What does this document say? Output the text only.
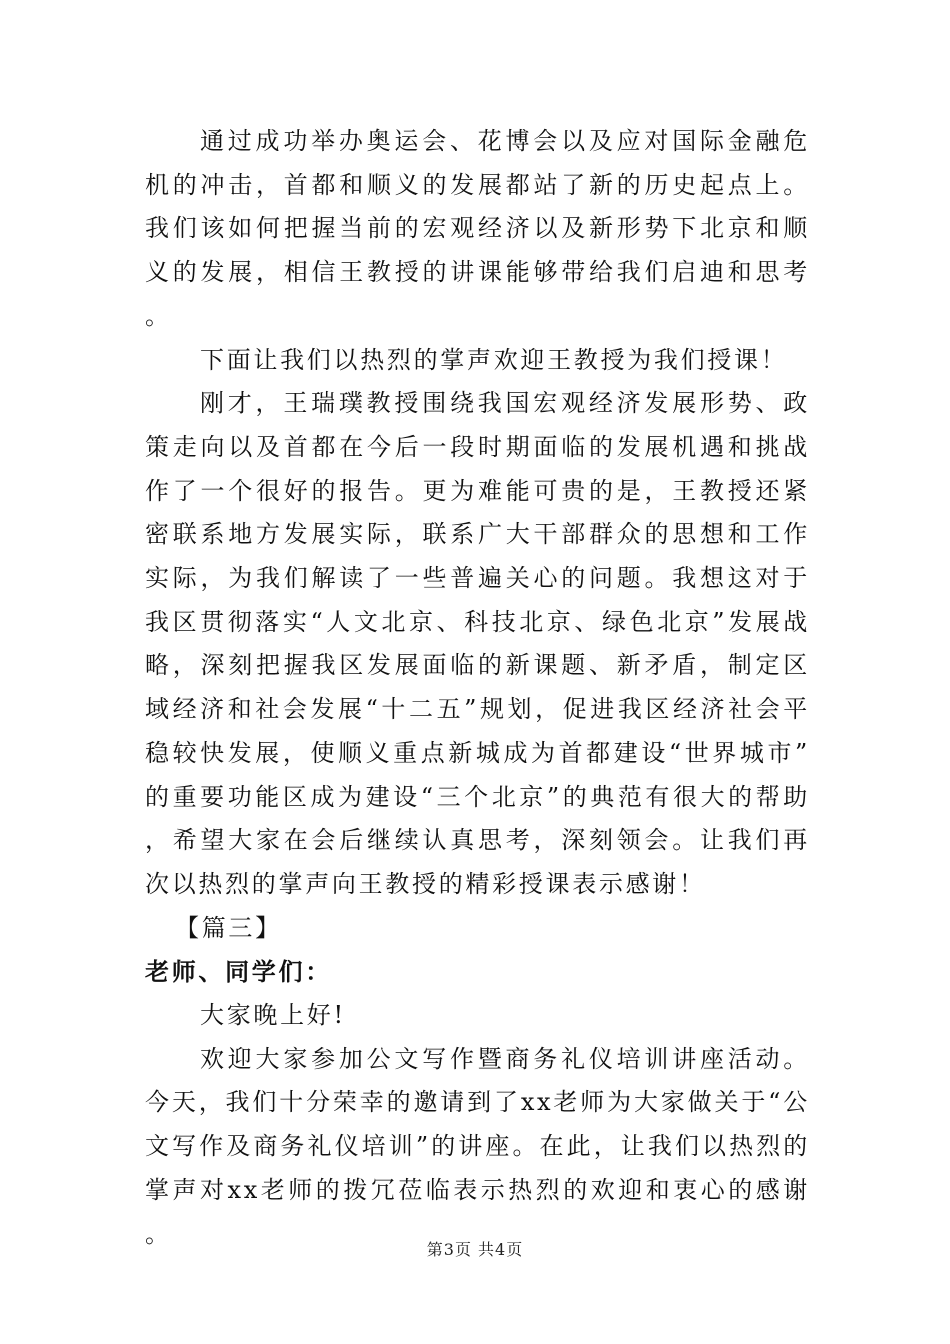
通过成功举办奥运会、花博会以及应对国际金融危机的冲击，首都和顺义的发展都站了新的历史起点上。我们该如何把握当前的宏观经济以及新形势下北京和顺义的发展，相信王教授的讲课能够带给我们启迪和思考。

下面让我们以热烈的掌声欢迎王教授为我们授课！

刚才，王瑞璞教授围绕我国宏观经济发展形势、政策走向以及首都在今后一段时期面临的发展机遇和挑战作了一个很好的报告。更为难能可贵的是，王教授还紧密联系地方发展实际，联系广大干部群众的思想和工作实际，为我们解读了一些普遍关心的问题。我想这对于我区贯彻落实“人文北京、科技北京、绿色北京”发展战略，深刻把握我区发展面临的新课题、新矛盾，制定区域经济和社会发展“十二五”规划，促进我区经济社会平稳较快发展，使顺义重点新城成为首都建设“世界城市”的重要功能区成为建设“三个北京”的典范有很大的帮助，希望大家在会后继续认真思考，深刻领会。让我们再次以热烈的掌声向王教授的精彩授课表示感谢！

【篇三】

老师、同学们：

大家晚上好!

欢迎大家参加公文写作暨商务礼仪培训讲座活动。今天，我们十分荣幸的邀请到了xx老师为大家做关于“公文写作及商务礼仪培训”的讲座。在此，让我们以热烈的掌声对xx老师的拨冗莅临表示热烈的欢迎和衷心的感谢。

第3页 共4页
